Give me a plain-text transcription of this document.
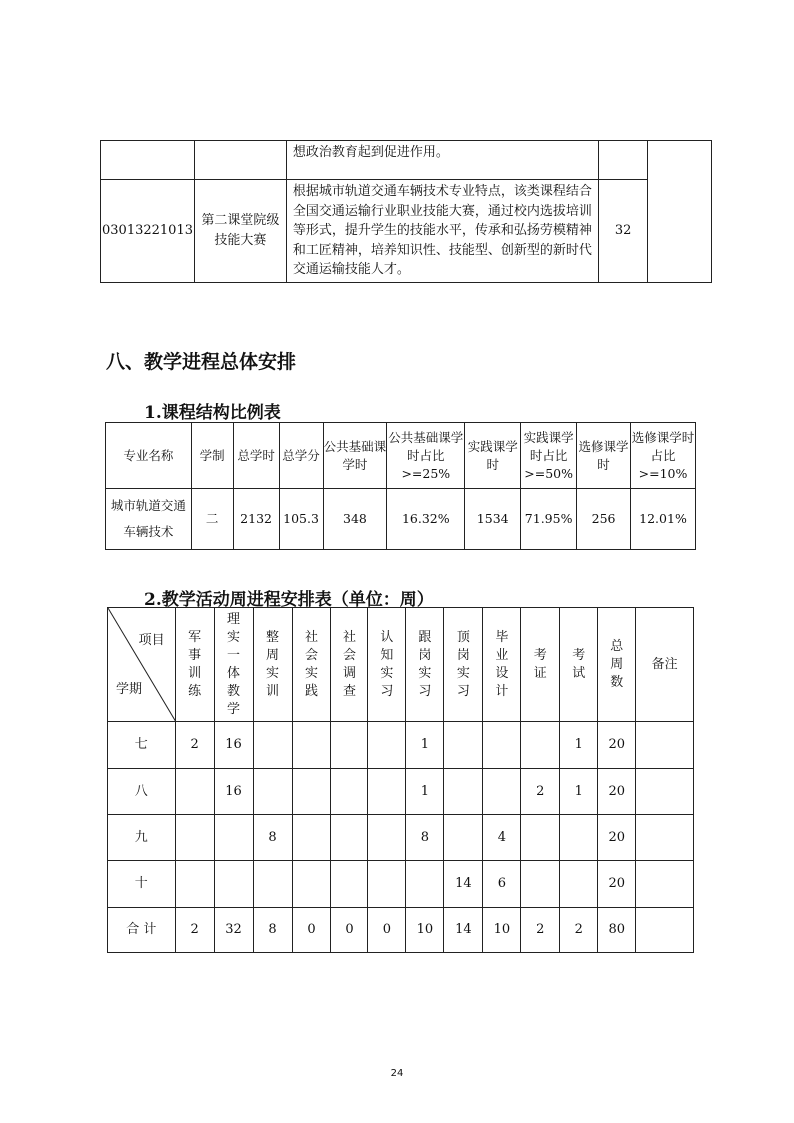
		想政治教育起到促进作用。		
03013221013	第二课堂院级技能大赛	根据城市轨道交通车辆技术专业特点，该类课程结合全国交通运输行业职业技能大赛，通过校内选拔培训等形式，提升学生的技能水平，传承和弘扬劳模精神和工匠精神，培养知识性、技能型、创新型的新时代交通运输技能人才。	32	
八、教学进程总体安排
1.课程结构比例表
专业名称	学制	总学时	总学分	公共基础课学时	公共基础课学时占比>=25%	实践课学时	实践课学时占比>=50%	选修课学时	选修课学时占比>=10%
城市轨道交通车辆技术	二	2132	105.3	348	16.32%	1534	71.95%	256	12.01%
2.教学活动周进程安排表（单位：周）
项目
学期	军事训练	理实一体教学	整周实训	社会实践	社会调查	认知实习	跟岗实习	顶岗实习	毕业设计	考证	考试	总周数	备注
七	2	16					1				1	20	
八		16					1			2	1	20	
九			8				8		4			20	
十								14	6			20	
合 计	2	32	8	0	0	0	10	14	10	2	2	80	
24
